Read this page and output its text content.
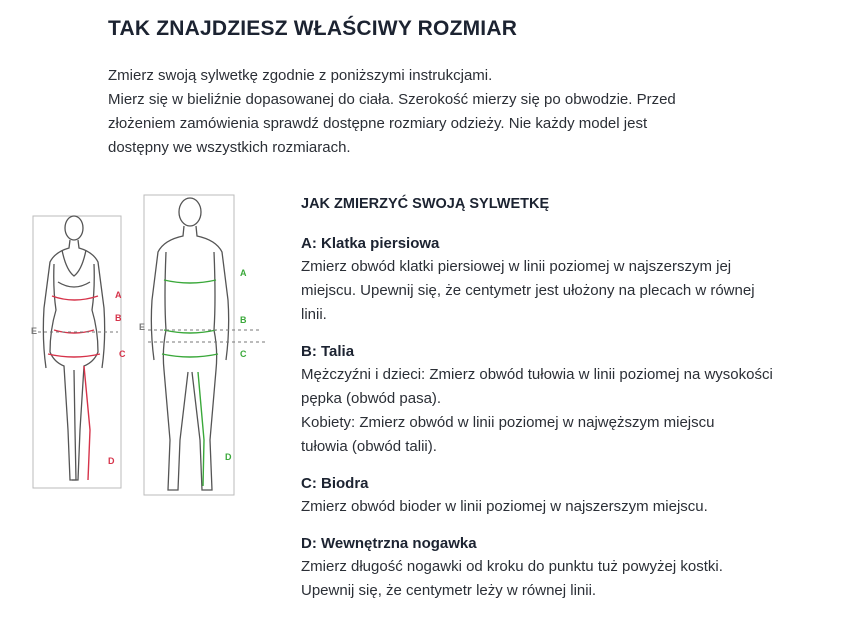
TAK ZNAJDZIESZ WŁAŚCIWY ROZMIAR
Zmierz swoją sylwetkę zgodnie z poniższymi instrukcjami.
Mierz się w bieliźnie dopasowanej do ciała. Szerokość mierzy się po obwodzie. Przed
złożeniem zamówienia sprawdź dostępne rozmiary odzieży. Nie każdy model jest
dostępny we wszystkich rozmiarach.
A
B
C
D
E
A
B
C
D
E
JAK ZMIERZYĆ SWOJĄ SYLWETKĘ
A: Klatka piersiowa
Zmierz obwód klatki piersiowej w linii poziomej w najszerszym jej
miejscu. Upewnij się, że centymetr jest ułożony na plecach w równej
linii.
B: Talia
Mężczyźni i dzieci: Zmierz obwód tułowia w linii poziomej na wysokości
pępka (obwód pasa).
Kobiety: Zmierz obwód w linii poziomej w najwęższym miejscu
tułowia (obwód talii).
C: Biodra
Zmierz obwód bioder w linii poziomej w najszerszym miejscu.
D: Wewnętrzna nogawka
Zmierz długość nogawki od kroku do punktu tuż powyżej kostki.
Upewnij się, że centymetr leży w równej linii.
